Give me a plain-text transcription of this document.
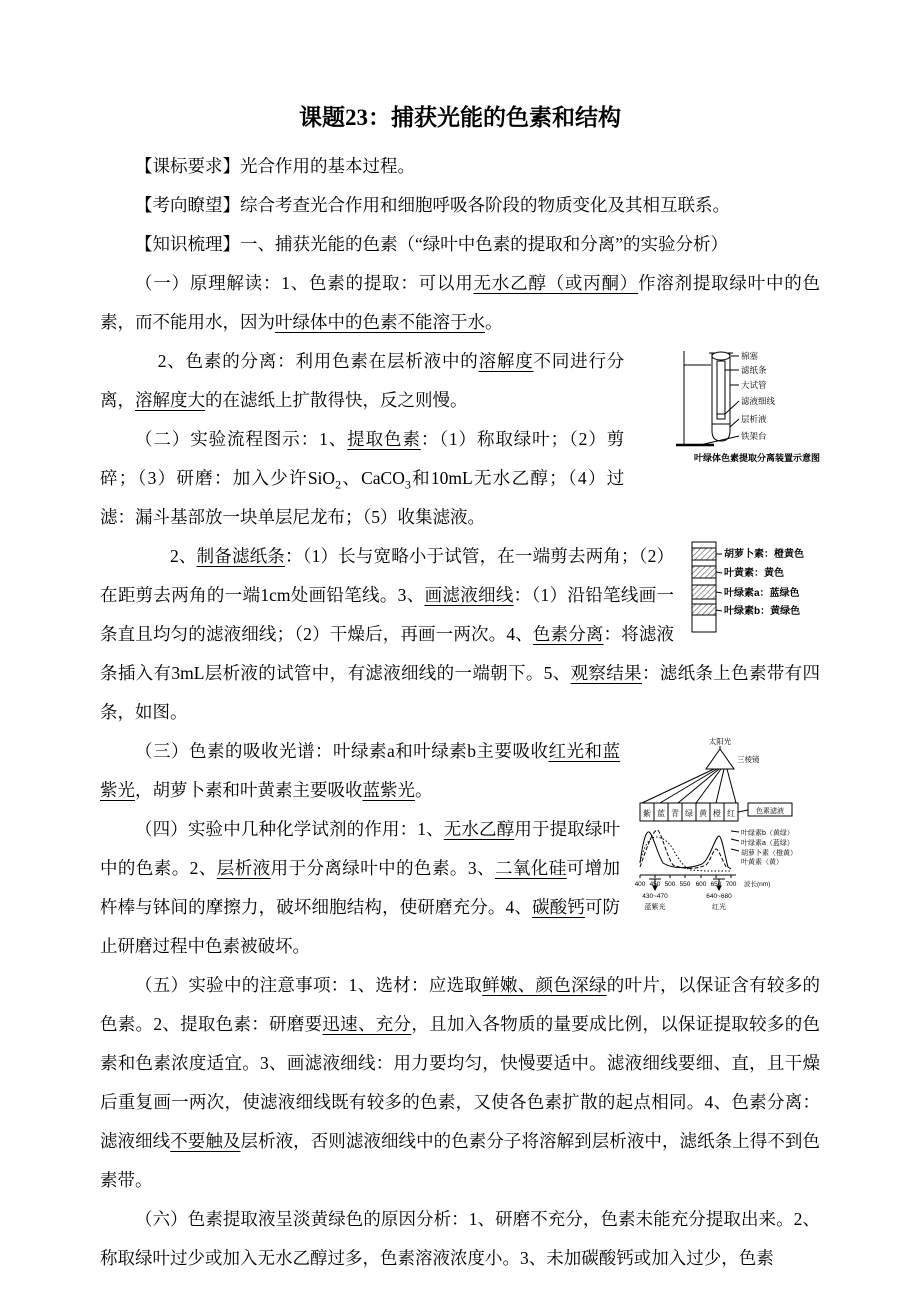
课题23：捕获光能的色素和结构

【课标要求】光合作用的基本过程。

【考向瞭望】综合考查光合作用和细胞呼吸各阶段的物质变化及其相互联系。

【知识梳理】一、捕获光能的色素（“绿叶中色素的提取和分离”的实验分析）

（一）原理解读：1、色素的提取：可以用无水乙醇（或丙酮）作溶剂提取绿叶中的色素，而不能用水，因为叶绿体中的色素不能溶于水。

棉塞
滤纸条
大试管
滤液细线
层析液
铁架台
叶绿体色素提取分离装置示意图
2、色素的分离：利用色素在层析液中的溶解度不同进行分离，溶解度大的在滤纸上扩散得快，反之则慢。

（二）实验流程图示：1、提取色素：（1）称取绿叶；（2）剪碎；（3）研磨：加入少许SiO$_2$、CaCO$_3$和10mL无水乙醇；（4）过滤：漏斗基部放一块单层尼龙布；（5）收集滤液。

胡萝卜素：橙黄色
叶黄素：黄色
叶绿素a：蓝绿色
叶绿素b：黄绿色
2、制备滤纸条：（1）长与宽略小于试管，在一端剪去两角；（2）在距剪去两角的一端1cm处画铅笔线。3、画滤液细线：（1）沿铅笔线画一条直且均匀的滤液细线；（2）干燥后，再画一两次。4、色素分离：将滤液条插入有3mL层析液的试管中，有滤液细线的一端朝下。5、观察结果：滤纸条上色素带有四条，如图。

太阳光
三棱镜
紫 蓝 青 绿 黄 橙 红	色素滤液
叶绿素b（黄绿）
叶绿素a（蓝绿）
胡萝卜素（橙黄）
叶黄素（黄）
400 450 500 550 600 650 700 波长(nm)
430~470	640~680
蓝紫光	红光
（三）色素的吸收光谱：叶绿素a和叶绿素b主要吸收红光和蓝紫光，胡萝卜素和叶黄素主要吸收蓝紫光。

（四）实验中几种化学试剂的作用：1、无水乙醇用于提取绿叶中的色素。2、层析液用于分离绿叶中的色素。3、二氧化硅可增加杵棒与钵间的摩擦力，破坏细胞结构，使研磨充分。4、碳酸钙可防止研磨过程中色素被破坏。

（五）实验中的注意事项：1、选材：应选取鲜嫩、颜色深绿的叶片，以保证含有较多的色素。2、提取色素：研磨要迅速、充分，且加入各物质的量要成比例，以保证提取较多的色素和色素浓度适宜。3、画滤液细线：用力要均匀，快慢要适中。滤液细线要细、直，且干燥后重复画一两次，使滤液细线既有较多的色素，又使各色素扩散的起点相同。4、色素分离：滤液细线不要触及层析液，否则滤液细线中的色素分子将溶解到层析液中，滤纸条上得不到色素带。

（六）色素提取液呈淡黄绿色的原因分析：1、研磨不充分，色素未能充分提取出来。2、称取绿叶过少或加入无水乙醇过多，色素溶液浓度小。3、未加碳酸钙或加入过少，色素
